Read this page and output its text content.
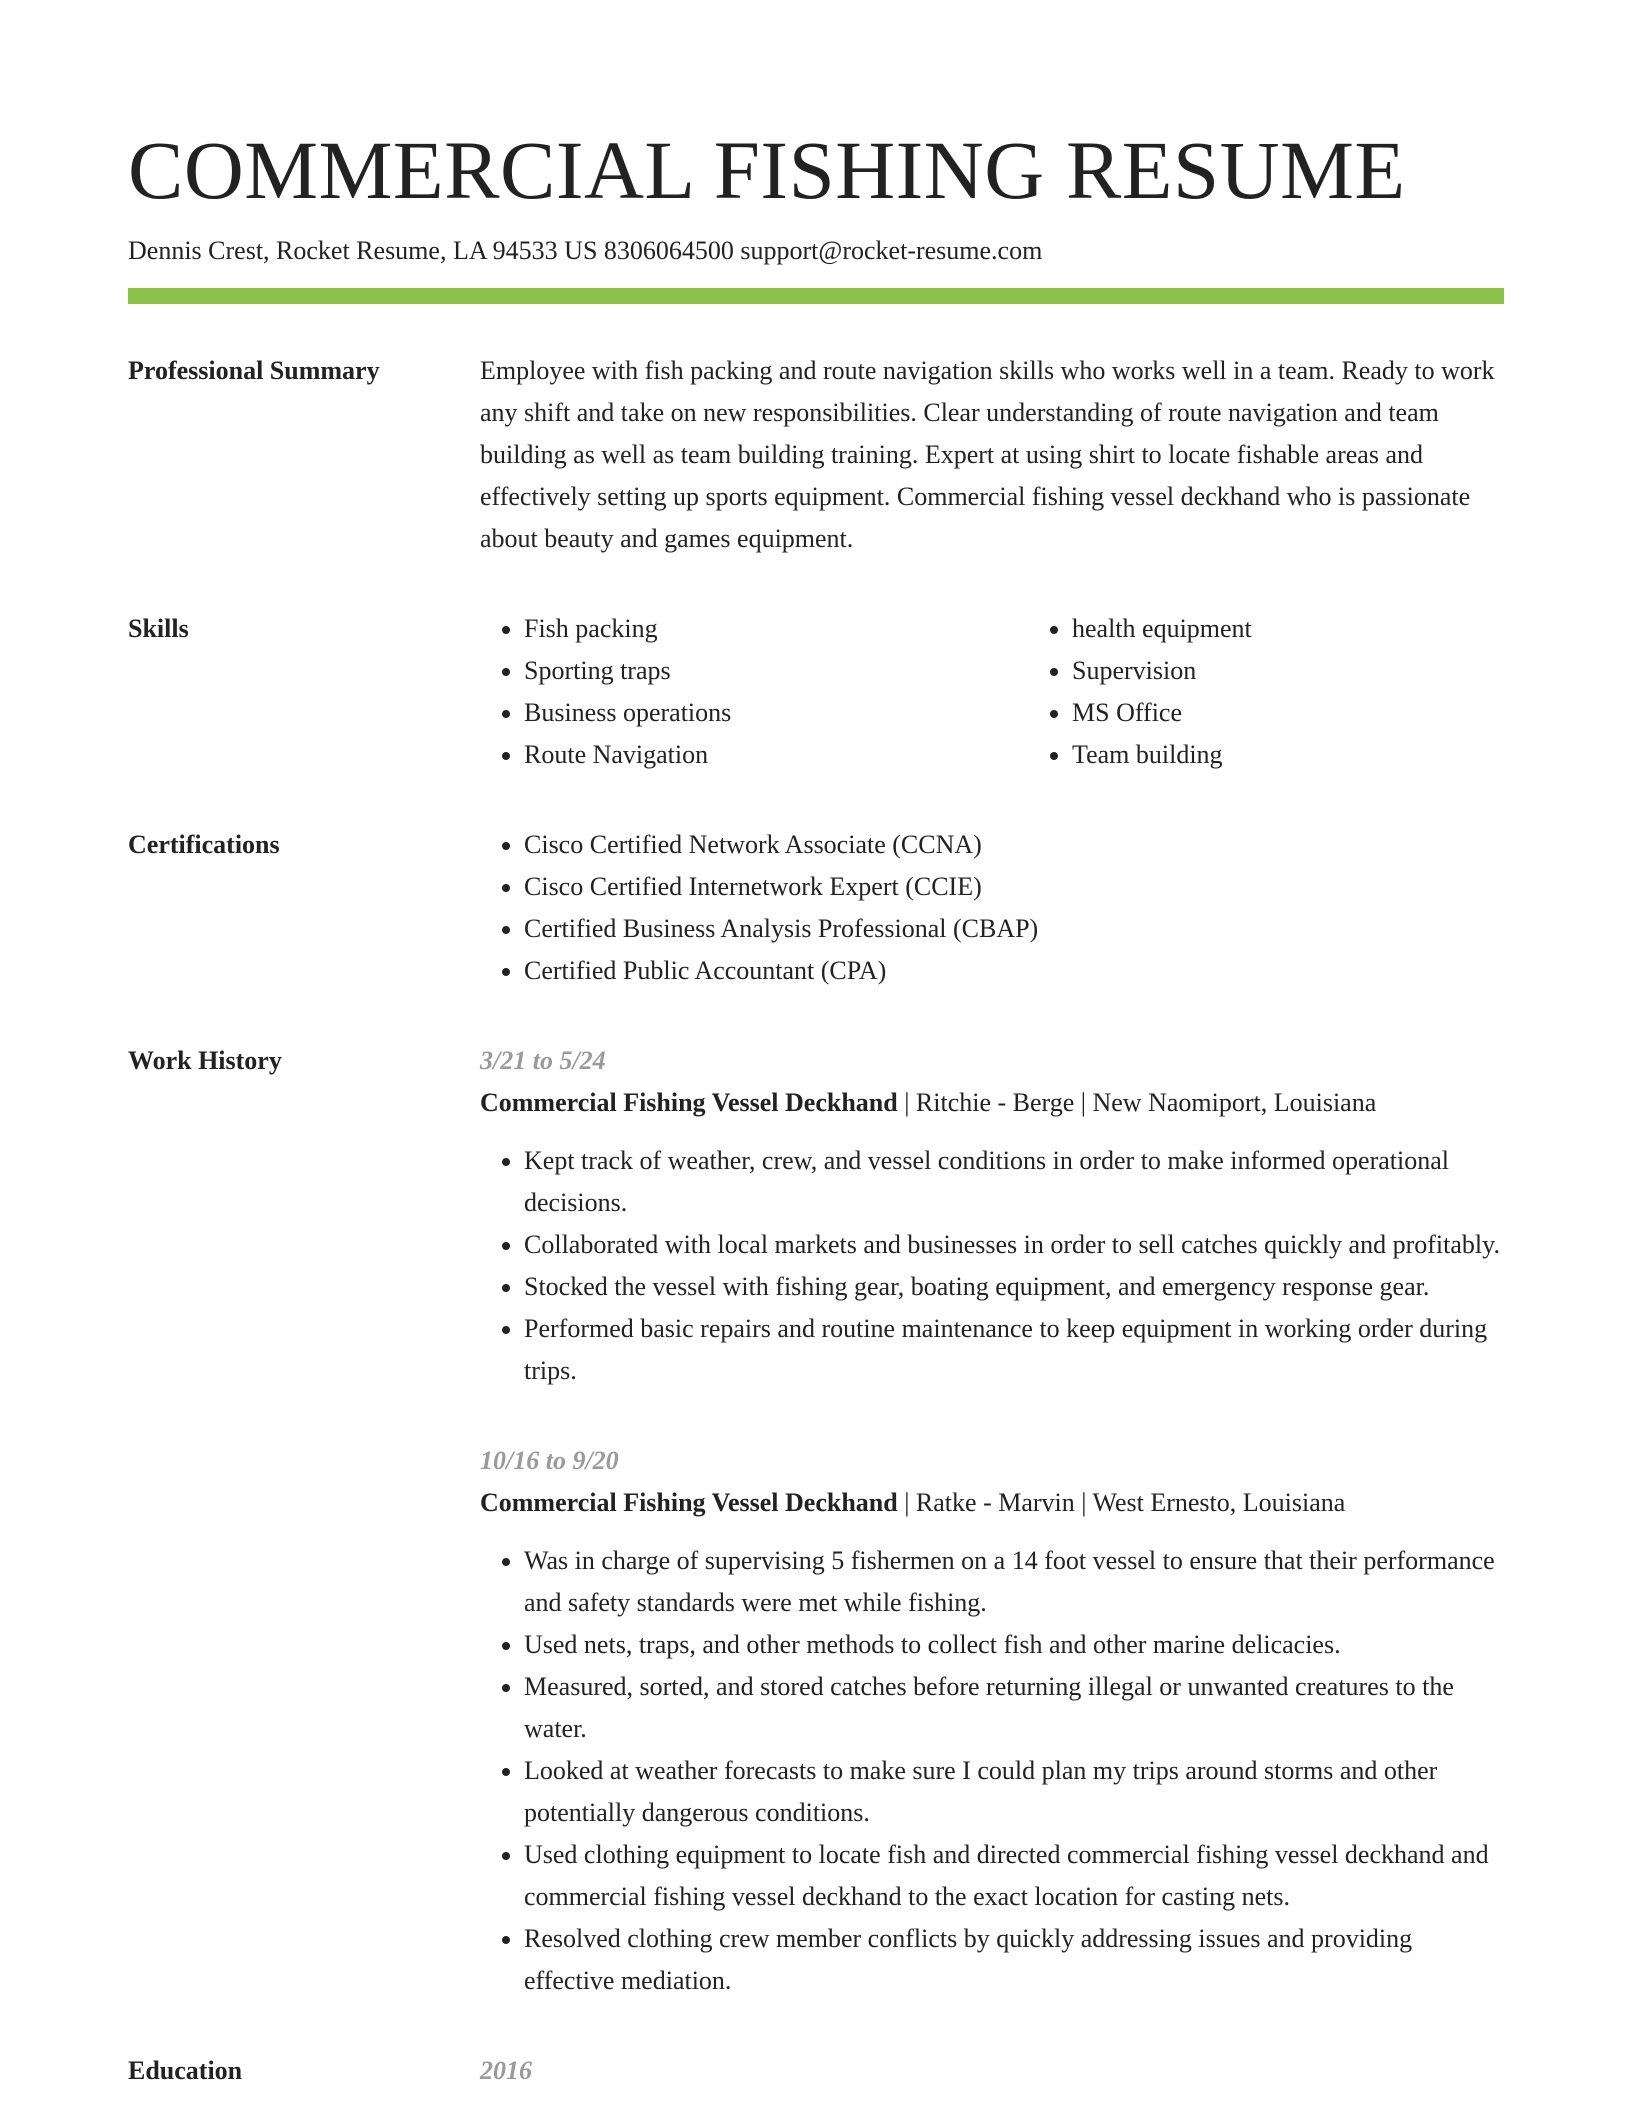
COMMERCIAL FISHING RESUME
Dennis Crest, Rocket Resume, LA 94533 US 8306064500 support@rocket-resume.com
Professional Summary	Employee with fish packing and route navigation skills who works well in a team. Ready to work any shift and take on new responsibilities. Clear understanding of route navigation and team building as well as team building training. Expert at using shirt to locate fishable areas and effectively setting up sports equipment. Commercial fishing vessel deckhand who is passionate about beauty and games equipment.

Skills	• Fish packing
• Sporting traps
• Business operations
• Route Navigation
• health equipment
• Supervision
• MS Office
• Team building
Certifications	• Cisco Certified Network Associate (CCNA)
• Cisco Certified Internetwork Expert (CCIE)
• Certified Business Analysis Professional (CBAP)
• Certified Public Accountant (CPA)
Work History	3/21 to 5/24
Commercial Fishing Vessel Deckhand | Ritchie - Berge | New Naomiport, Louisiana
• Kept track of weather, crew, and vessel conditions in order to make informed operational decisions.
• Collaborated with local markets and businesses in order to sell catches quickly and profitably.
• Stocked the vessel with fishing gear, boating equipment, and emergency response gear.
• Performed basic repairs and routine maintenance to keep equipment in working order during trips.
10/16 to 9/20
Commercial Fishing Vessel Deckhand | Ratke - Marvin | West Ernesto, Louisiana
• Was in charge of supervising 5 fishermen on a 14 foot vessel to ensure that their performance and safety standards were met while fishing.
• Used nets, traps, and other methods to collect fish and other marine delicacies.
• Measured, sorted, and stored catches before returning illegal or unwanted creatures to the water.
• Looked at weather forecasts to make sure I could plan my trips around storms and other potentially dangerous conditions.
• Used clothing equipment to locate fish and directed commercial fishing vessel deckhand and commercial fishing vessel deckhand to the exact location for casting nets.
• Resolved clothing crew member conflicts by quickly addressing issues and providing effective mediation.
Education	2016
